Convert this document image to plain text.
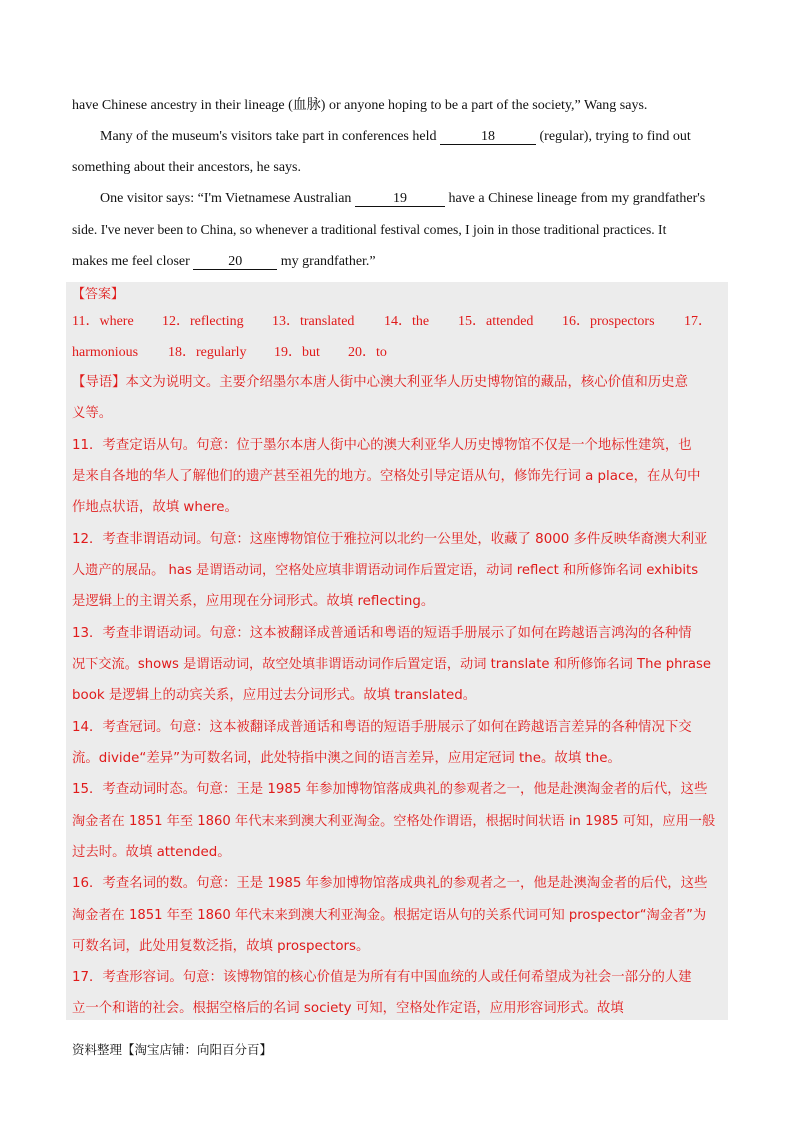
have Chinese ancestry in their lineage (血脉) or anyone hoping to be a part of the society,” Wang says.
Many of the museum's visitors take part in conferences held	18	(regular), trying to find out
something about their ancestors, he says.
One visitor says: “I'm Vietnamese Australian	19	have a Chinese lineage from my grandfather's
side. I've never been to China, so whenever a traditional festival comes, I join in those traditional practices. It
makes me feel closer	20	my grandfather.”
【答案】
11．where 12．reflecting 13．translated 14．the 15．attended 16．prospectors 17．
harmonious 18．regularly 19．but 20．to
【导语】本文为说明文。主要介绍墨尔本唐人街中心澳大利亚华人历史博物馆的藏品，核心价值和历史意
义等。
11．考查定语从句。句意：位于墨尔本唐人街中心的澳大利亚华人历史博物馆不仅是一个地标性建筑，也
是来自各地的华人了解他们的遗产甚至祖先的地方。空格处引导定语从句，修饰先行词 a place，在从句中
作地点状语，故填 where。
12．考查非谓语动词。句意：这座博物馆位于雅拉河以北约一公里处，收藏了 8000 多件反映华裔澳大利亚
人遗产的展品。 has 是谓语动词，空格处应填非谓语动词作后置定语，动词 reflect 和所修饰名词 exhibits
是逻辑上的主谓关系，应用现在分词形式。故填 reflecting。
13．考查非谓语动词。句意：这本被翻译成普通话和粤语的短语手册展示了如何在跨越语言鸿沟的各种情
况下交流。shows 是谓语动词，故空处填非谓语动词作后置定语，动词 translate 和所修饰名词 The phrase
book 是逻辑上的动宾关系，应用过去分词形式。故填 translated。
14．考查冠词。句意：这本被翻译成普通话和粤语的短语手册展示了如何在跨越语言差异的各种情况下交
流。divide“差异”为可数名词，此处特指中澳之间的语言差异，应用定冠词 the。故填 the。
15．考查动词时态。句意：王是 1985 年参加博物馆落成典礼的参观者之一，他是赴澳淘金者的后代，这些
淘金者在 1851 年至 1860 年代末来到澳大利亚淘金。空格处作谓语，根据时间状语 in 1985 可知，应用一般
过去时。故填 attended。
16．考查名词的数。句意：王是 1985 年参加博物馆落成典礼的参观者之一，他是赴澳淘金者的后代，这些
淘金者在 1851 年至 1860 年代末来到澳大利亚淘金。根据定语从句的关系代词可知 prospector“淘金者”为
可数名词，此处用复数泛指，故填 prospectors。
17．考查形容词。句意：该博物馆的核心价值是为所有有中国血统的人或任何希望成为社会一部分的人建
立一个和谐的社会。根据空格后的名词 society 可知，空格处作定语，应用形容词形式。故填
资料整理【淘宝店铺：向阳百分百】
